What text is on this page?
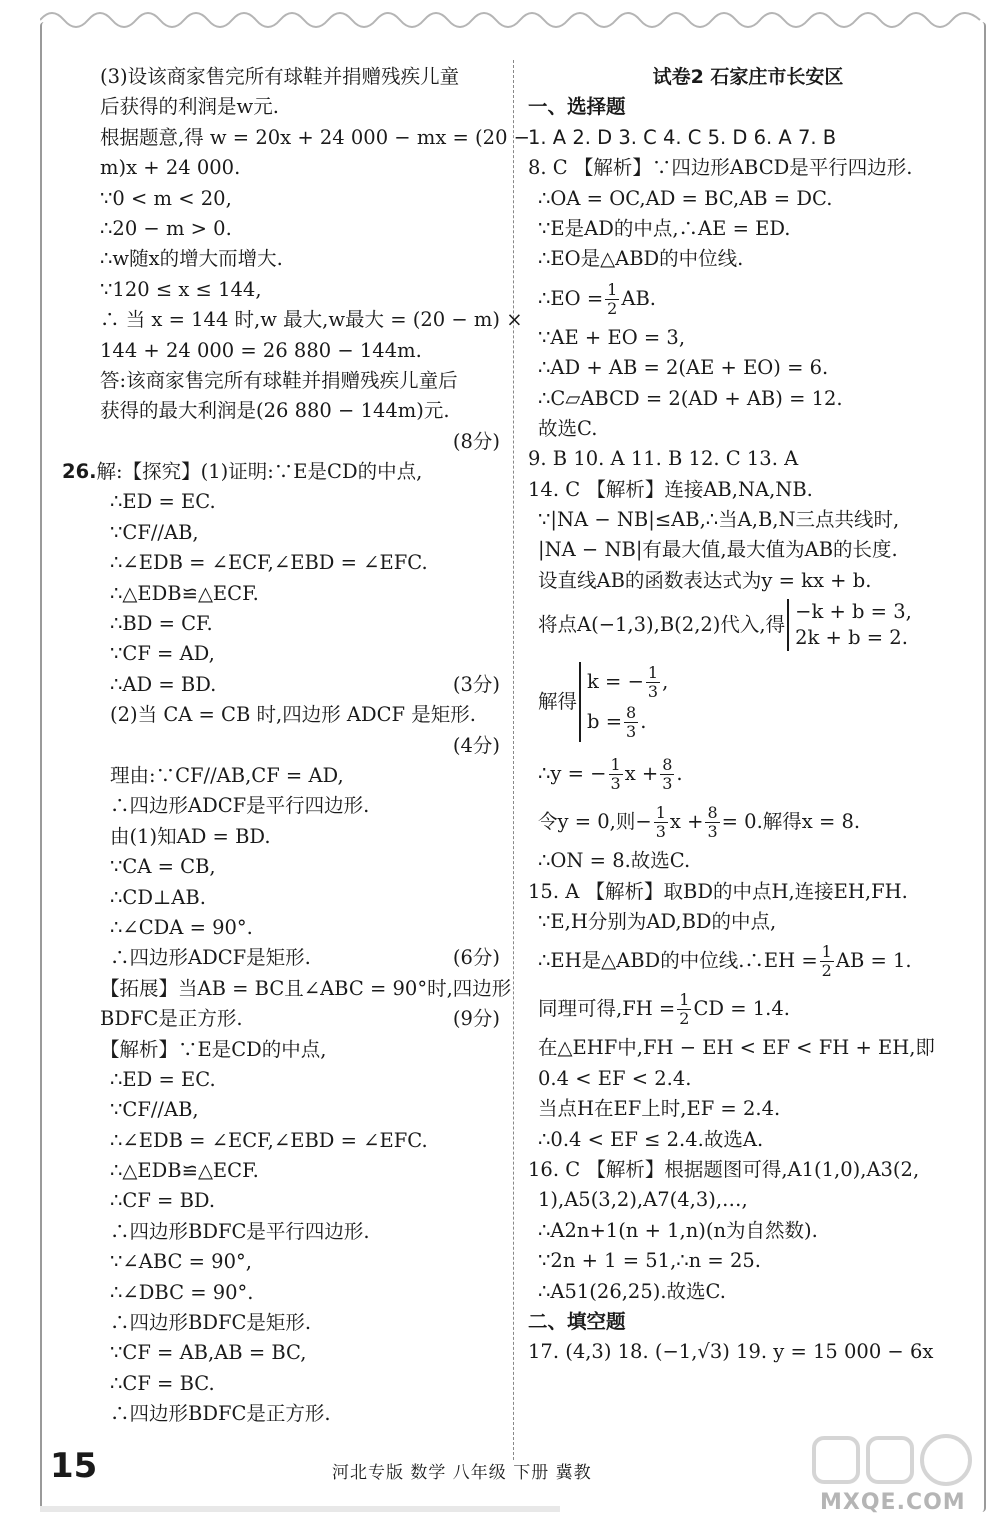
(3)设该商家售完所有球鞋并捐赠残疾儿童
后获得的利润是w元.
根据题意,得 w = 20x + 24 000 − mx = (20 −
m)x + 24 000.
∵0 < m < 20,
∴20 − m > 0.
∴w随x的增大而增大.
∵120 ≤ x ≤ 144,
∴ 当 x = 144 时,w 最大,w最大 = (20 − m) ×
144 + 24 000 = 26 880 − 144m.
答:该商家售完所有球鞋并捐赠残疾儿童后
获得的最大利润是(26 880 − 144m)元.
(8分)
26.解:【探究】(1)证明:∵E是CD的中点,
∴ED = EC.
∵CF//AB,
∴∠EDB = ∠ECF,∠EBD = ∠EFC.
∴△EDB≌△ECF.
∴BD = CF.
∵CF = AD,
∴AD = BD.	(3分)
(2)当 CA = CB 时,四边形 ADCF 是矩形.
(4分)
理由:∵CF//AB,CF = AD,
∴四边形ADCF是平行四边形.
由(1)知AD = BD.
∵CA = CB,
∴CD⊥AB.
∴∠CDA = 90°.
∴四边形ADCF是矩形.	(6分)
【拓展】当AB = BC且∠ABC = 90°时,四边形
BDFC是正方形.	(9分)
【解析】∵E是CD的中点,
∴ED = EC.
∵CF//AB,
∴∠EDB = ∠ECF,∠EBD = ∠EFC.
∴△EDB≌△ECF.
∴CF = BD.
∴四边形BDFC是平行四边形.
∵∠ABC = 90°,
∴∠DBC = 90°.
∴四边形BDFC是矩形.
∵CF = AB,AB = BC,
∴CF = BC.
∴四边形BDFC是正方形.
试卷2 石家庄市长安区
一、选择题
1. A 2. D 3. C 4. C 5. D 6. A 7. B
8. C 【解析】∵四边形ABCD是平行四边形.
∴OA = OC,AD = BC,AB = DC.
∵E是AD的中点,∴AE = ED.
∴EO是△ABD的中位线.
∴EO = $\frac{1}{2}$ AB.
∵AE + EO = 3,
∴AD + AB = 2(AE + EO) = 6.
∴C▱ABCD = 2(AD + AB) = 12.
故选C.
9. B 10. A 11. B 12. C 13. A
14. C 【解析】连接AB,NA,NB.
∵|NA − NB|≤AB,∴当A,B,N三点共线时,
|NA − NB|有最大值,最大值为AB的长度.
设直线AB的函数表达式为y = kx + b.
将点A(−1,3),B(2,2)代入,得
−k + b = 3,
2k + b = 2.
解得
k = − $\frac{1}{3}$ ,
$b = \frac{8}{3}$ .
∴y = − $\frac{1}{3}$ $x + \frac{8}{3}$ .
令y = 0,则− $\frac{1}{3}$ $x + \frac{8}{3} = 0$.解得x = 8.
∴ON = 8.故选C.
15. A 【解析】取BD的中点H,连接EH,FH.
∵E,H分别为AD,BD的中点,
∴EH是△ABD的中位线.∴EH = $\frac{1}{2}$ AB = 1.
同理可得$,FH = \frac{1}{2}$ CD = 1.4.
在△EHF中,FH − EH < EF < FH + EH,即
0.4 < EF < 2.4.
当点H在EF上时,EF = 2.4.
∴0.4 < EF ≤ 2.4.故选A.
16. C 【解析】根据题图可得,A1(1,0),A3(2,
1),A5(3,2),A7(4,3),…,
∴A2n+1(n + 1,n)(n为自然数).
∵2n + 1 = 51,∴n = 25.
∴A51(26,25).故选C.
二、填空题
17. (4,3) 18. (−1,√3) 19. y = 15 000 − 6x
15	河北专版 数学 八年级 下册 冀教
MXQE.COM
